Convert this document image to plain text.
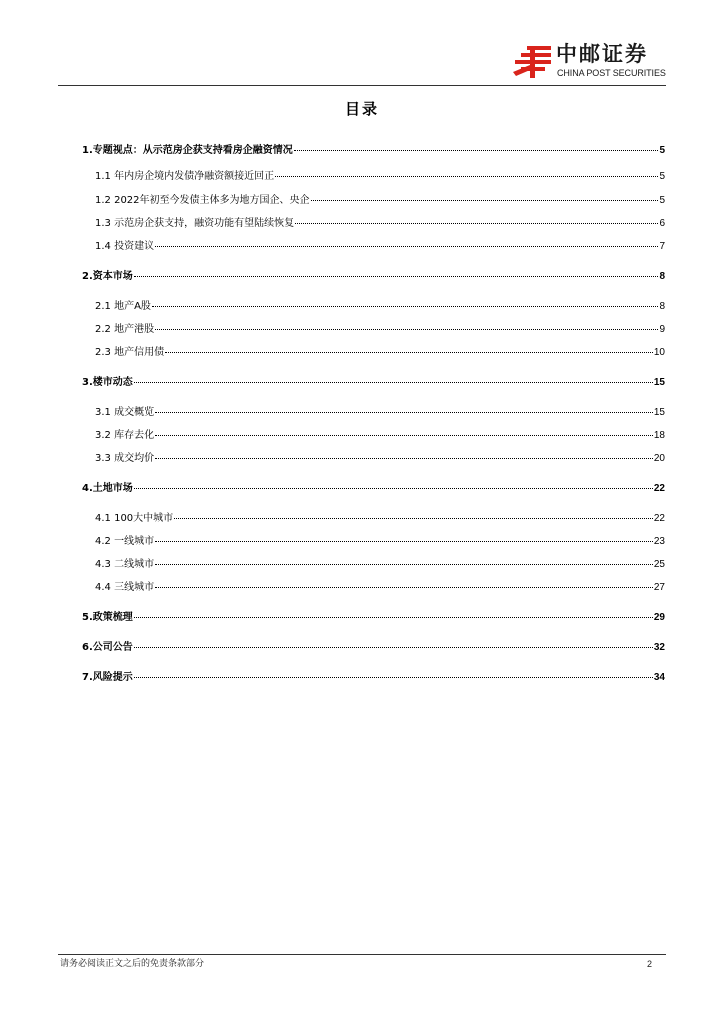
中邮证券
CHINA POST SECURITIES
目录
1.专题视点：从示范房企获支持看房企融资情况	5
1.1 年内房企境内发债净融资额接近回正	5
1.2 2022年初至今发债主体多为地方国企、央企	5
1.3 示范房企获支持，融资功能有望陆续恢复	6
1.4 投资建议	7
2.资本市场	8
2.1 地产A股	8
2.2 地产港股	9
2.3 地产信用债	10
3.楼市动态	15
3.1 成交概览	15
3.2 库存去化	18
3.3 成交均价	20
4.土地市场	22
4.1 100大中城市	22
4.2 一线城市	23
4.3 二线城市	25
4.4 三线城市	27
5.政策梳理	29
6.公司公告	32
7.风险提示	34
请务必阅读正文之后的免责条款部分	2
